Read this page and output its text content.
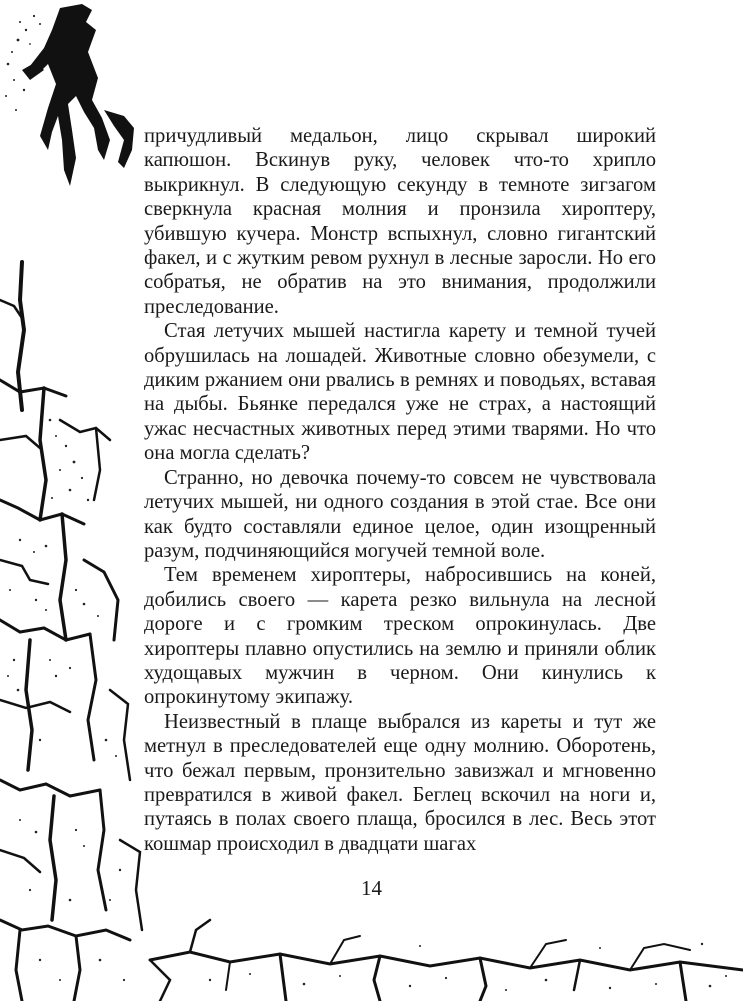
причудливый медальон, лицо скрывал широкий капюшон. Вскинув руку, человек что-то хрипло выкрикнул. В следующую секунду в темноте зигзагом сверкнула красная молния и пронзила хироптеру, убившую кучера. Монстр вспыхнул, словно гигантский факел, и с жутким ревом рухнул в лесные заросли. Но его собратья, не обратив на это внимания, продолжили преследование.

Стая летучих мышей настигла карету и темной тучей обрушилась на лошадей. Животные словно обезумели, с диким ржанием они рвались в ремнях и поводьях, вставая на дыбы. Бьянке передался уже не страх, а настоящий ужас несчастных животных перед этими тварями. Но что она могла сделать?

Странно, но девочка почему-то совсем не чувствовала летучих мышей, ни одного создания в этой стае. Все они как будто составляли единое целое, один изощренный разум, подчиняющийся могучей темной воле.

Тем временем хироптеры, набросившись на коней, добились своего — карета резко вильнула на лесной дороге и с громким треском опрокинулась. Две хироптеры плавно опустились на землю и приняли облик худощавых мужчин в черном. Они кинулись к опрокинутому экипажу.

Неизвестный в плаще выбрался из кареты и тут же метнул в преследователей еще одну молнию. Оборотень, что бежал первым, пронзительно завизжал и мгновенно превратился в живой факел. Беглец вскочил на ноги и, путаясь в полах своего плаща, бросился в лес. Весь этот кошмар происходил в двадцати шагах

14
